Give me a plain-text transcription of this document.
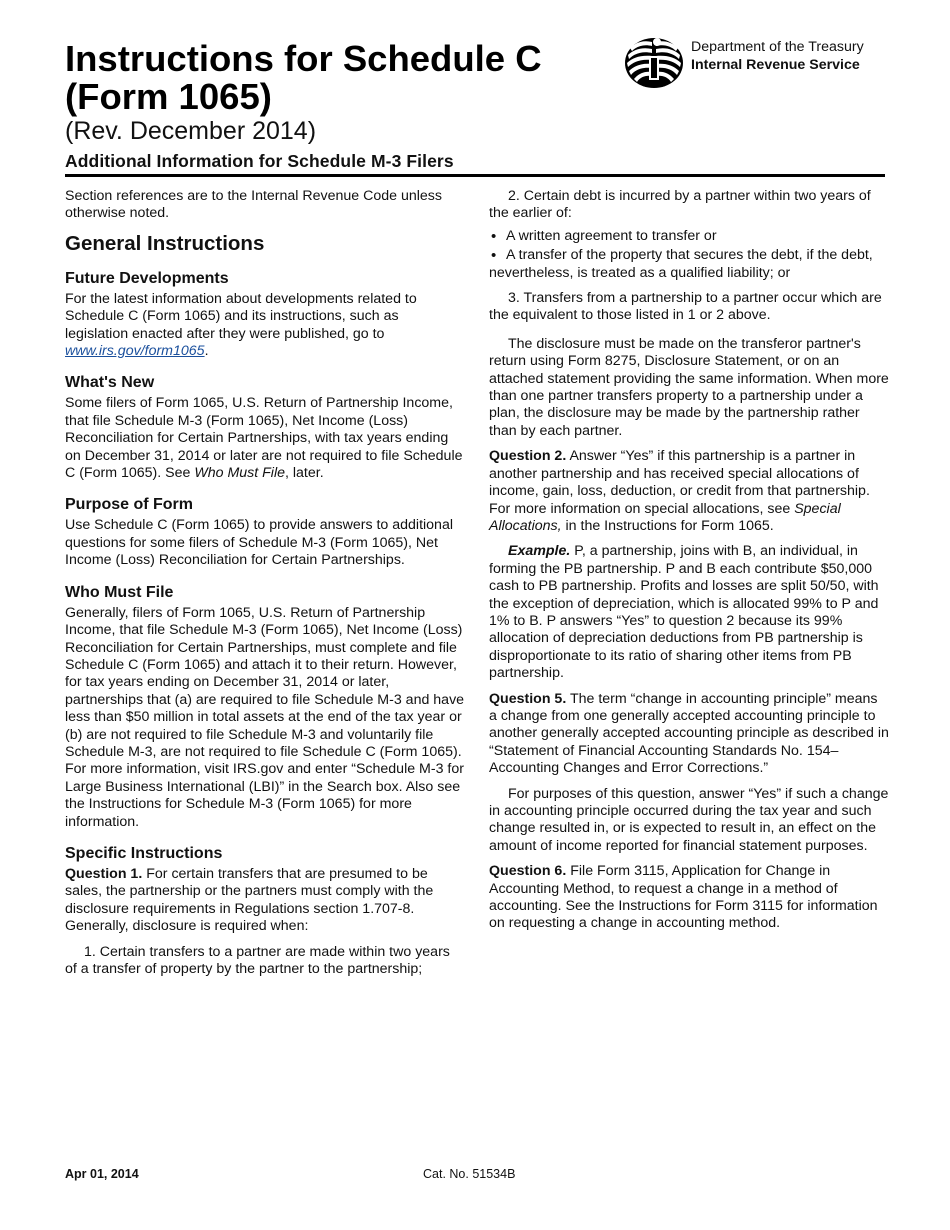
Instructions for Schedule C
(Form 1065)
(Rev. December 2014)
Additional Information for Schedule M-3 Filers
Department of the Treasury
Internal Revenue Service

Section references are to the Internal Revenue Code unless otherwise noted.

General Instructions
Future Developments

For the latest information about developments related to Schedule C (Form 1065) and its instructions, such as legislation enacted after they were published, go to www.irs.gov/form1065.

What's New

Some filers of Form 1065, U.S. Return of Partnership Income, that file Schedule M-3 (Form 1065), Net Income (Loss) Reconciliation for Certain Partnerships, with tax years ending on December 31, 2014 or later are not required to file Schedule C (Form 1065). See Who Must File, later.

Purpose of Form

Use Schedule C (Form 1065) to provide answers to additional questions for some filers of Schedule M-3 (Form 1065), Net Income (Loss) Reconciliation for Certain Partnerships.

Who Must File

Generally, filers of Form 1065, U.S. Return of Partnership Income, that file Schedule M-3 (Form 1065), Net Income (Loss) Reconciliation for Certain Partnerships, must complete and file Schedule C (Form 1065) and attach it to their return. However, for tax years ending on December 31, 2014 or later, partnerships that (a) are required to file Schedule M-3 and have less than $50 million in total assets at the end of the tax year or (b) are not required to file Schedule M-3 and voluntarily file Schedule M-3, are not required to file Schedule C (Form 1065). For more information, visit IRS.gov and enter “Schedule M-3 for Large Business International (LBI)” in the Search box. Also see the Instructions for Schedule M-3 (Form 1065) for more information.

Specific Instructions

Question 1. For certain transfers that are presumed to be sales, the partnership or the partners must comply with the disclosure requirements in Regulations section 1.707-8. Generally, disclosure is required when:

1. Certain transfers to a partner are made within two years of a transfer of property by the partner to the partnership;

2. Certain debt is incurred by a partner within two years of the earlier of:

• A written agreement to transfer or
• A transfer of the property that secures the debt, if the debt, nevertheless, is treated as a qualified liability; or

3. Transfers from a partnership to a partner occur which are the equivalent to those listed in 1 or 2 above.

The disclosure must be made on the transferor partner's return using Form 8275, Disclosure Statement, or on an attached statement providing the same information. When more than one partner transfers property to a partnership under a plan, the disclosure may be made by the partnership rather than by each partner.

Question 2. Answer “Yes” if this partnership is a partner in another partnership and has received special allocations of income, gain, loss, deduction, or credit from that partnership. For more information on special allocations, see Special Allocations, in the Instructions for Form 1065.

Example. P, a partnership, joins with B, an individual, in forming the PB partnership. P and B each contribute $50,000 cash to PB partnership. Profits and losses are split 50/50, with the exception of depreciation, which is allocated 99% to P and 1% to B. P answers “Yes” to question 2 because its 99% allocation of depreciation deductions from PB partnership is disproportionate to its ratio of sharing other items from PB partnership.

Question 5. The term “change in accounting principle” means a change from one generally accepted accounting principle to another generally accepted accounting principle as described in “Statement of Financial Accounting Standards No. 154–Accounting Changes and Error Corrections.”

For purposes of this question, answer “Yes” if such a change in accounting principle occurred during the tax year and such change resulted in, or is expected to result in, an effect on the amount of income reported for financial statement purposes.

Question 6. File Form 3115, Application for Change in Accounting Method, to request a change in a method of accounting. See the Instructions for Form 3115 for information on requesting a change in accounting method.

Apr 01, 2014	Cat. No. 51534B
